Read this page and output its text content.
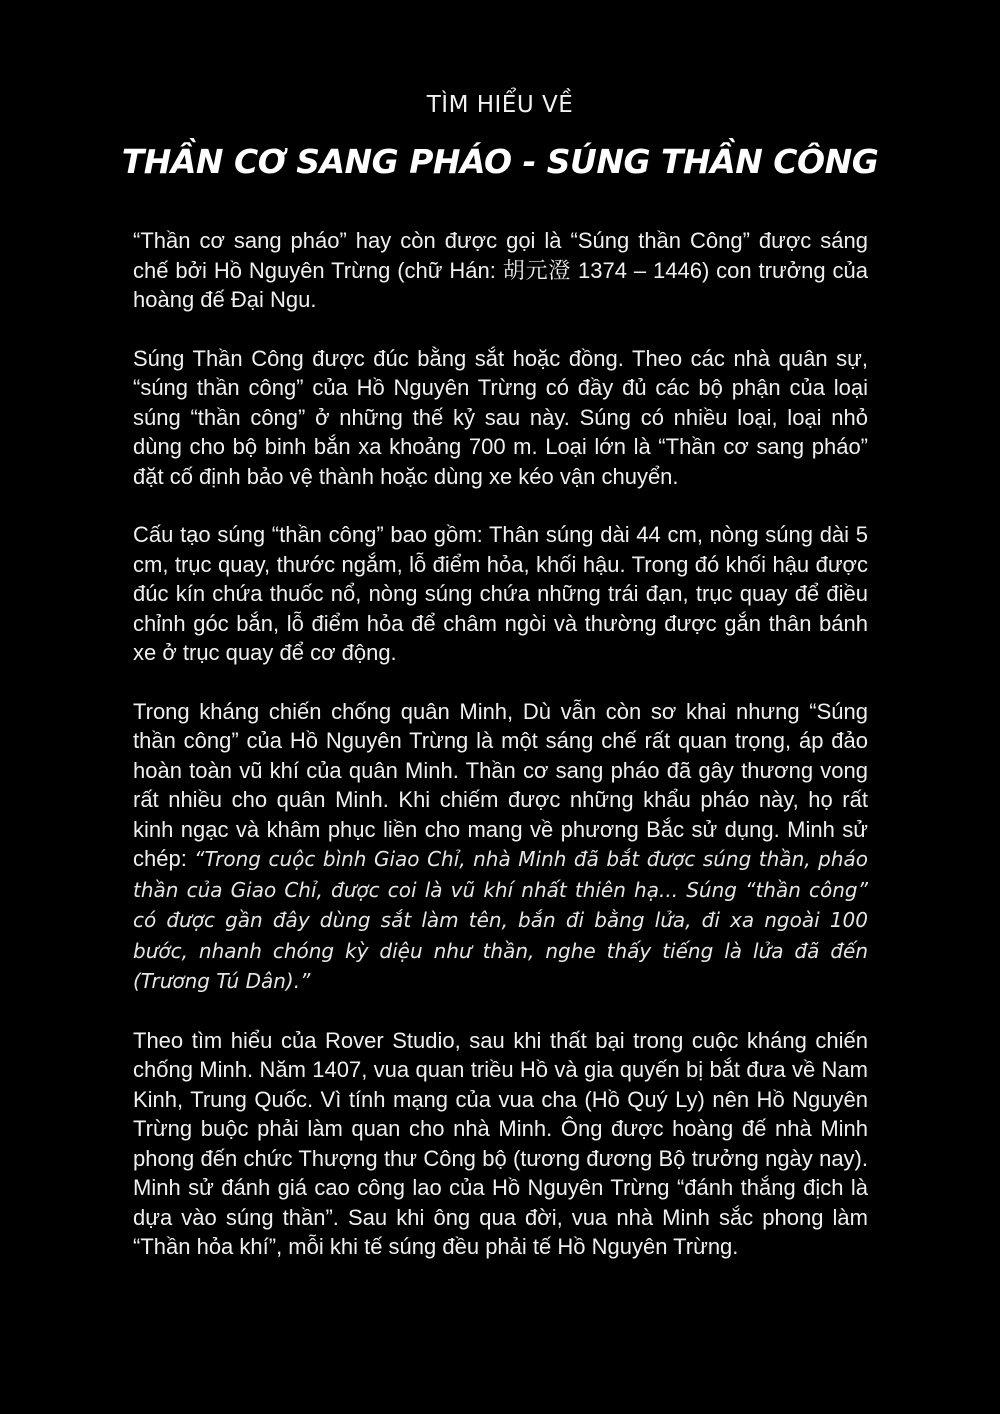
TÌM HIỂU VỀ
THẦN CƠ SANG PHÁO - SÚNG THẦN CÔNG

“Thần cơ sang pháo” hay còn được gọi là “Súng thần Công” được sáng chế bởi Hồ Nguyên Trừng (chữ Hán: 胡元澄 1374 – 1446) con trưởng của hoàng đế Đại Ngu.

Súng Thần Công được đúc bằng sắt hoặc đồng. Theo các nhà quân sự, “súng thần công” của Hồ Nguyên Trừng có đầy đủ các bộ phận của loại súng “thần công” ở những thế kỷ sau này. Súng có nhiều loại, loại nhỏ dùng cho bộ binh bắn xa khoảng 700 m. Loại lớn là “Thần cơ sang pháo” đặt cố định bảo vệ thành hoặc dùng xe kéo vận chuyển.

Cấu tạo súng “thần công” bao gồm: Thân súng dài 44 cm, nòng súng dài 5 cm, trục quay, thước ngắm, lỗ điểm hỏa, khối hậu. Trong đó khối hậu được đúc kín chứa thuốc nổ, nòng súng chứa những trái đạn, trục quay để điều chỉnh góc bắn, lỗ điểm hỏa để châm ngòi và thường được gắn thân bánh xe ở trục quay để cơ động.

Trong kháng chiến chống quân Minh, Dù vẫn còn sơ khai nhưng “Súng thần công” của Hồ Nguyên Trừng là một sáng chế rất quan trọng, áp đảo hoàn toàn vũ khí của quân Minh. Thần cơ sang pháo đã gây thương vong rất nhiều cho quân Minh. Khi chiếm được những khẩu pháo này, họ rất kinh ngạc và khâm phục liền cho mang về phương Bắc sử dụng. Minh sử chép: “Trong cuộc bình Giao Chỉ, nhà Minh đã bắt được súng thần, pháo thần của Giao Chỉ, được coi là vũ khí nhất thiên hạ... Súng “thần công” có được gần đây dùng sắt làm tên, bắn đi bằng lửa, đi xa ngoài 100 bước, nhanh chóng kỳ diệu như thần, nghe thấy tiếng là lửa đã đến (Trương Tú Dân).”

Theo tìm hiểu của Rover Studio, sau khi thất bại trong cuộc kháng chiến chống Minh. Năm 1407, vua quan triều Hồ và gia quyến bị bắt đưa về Nam Kinh, Trung Quốc. Vì tính mạng của vua cha (Hồ Quý Ly) nên Hồ Nguyên Trừng buộc phải làm quan cho nhà Minh. Ông được hoàng đế nhà Minh phong đến chức Thượng thư Công bộ (tương đương Bộ trưởng ngày nay). Minh sử đánh giá cao công lao của Hồ Nguyên Trừng “đánh thắng địch là dựa vào súng thần”. Sau khi ông qua đời, vua nhà Minh sắc phong làm “Thần hỏa khí”, mỗi khi tế súng đều phải tế Hồ Nguyên Trừng.
